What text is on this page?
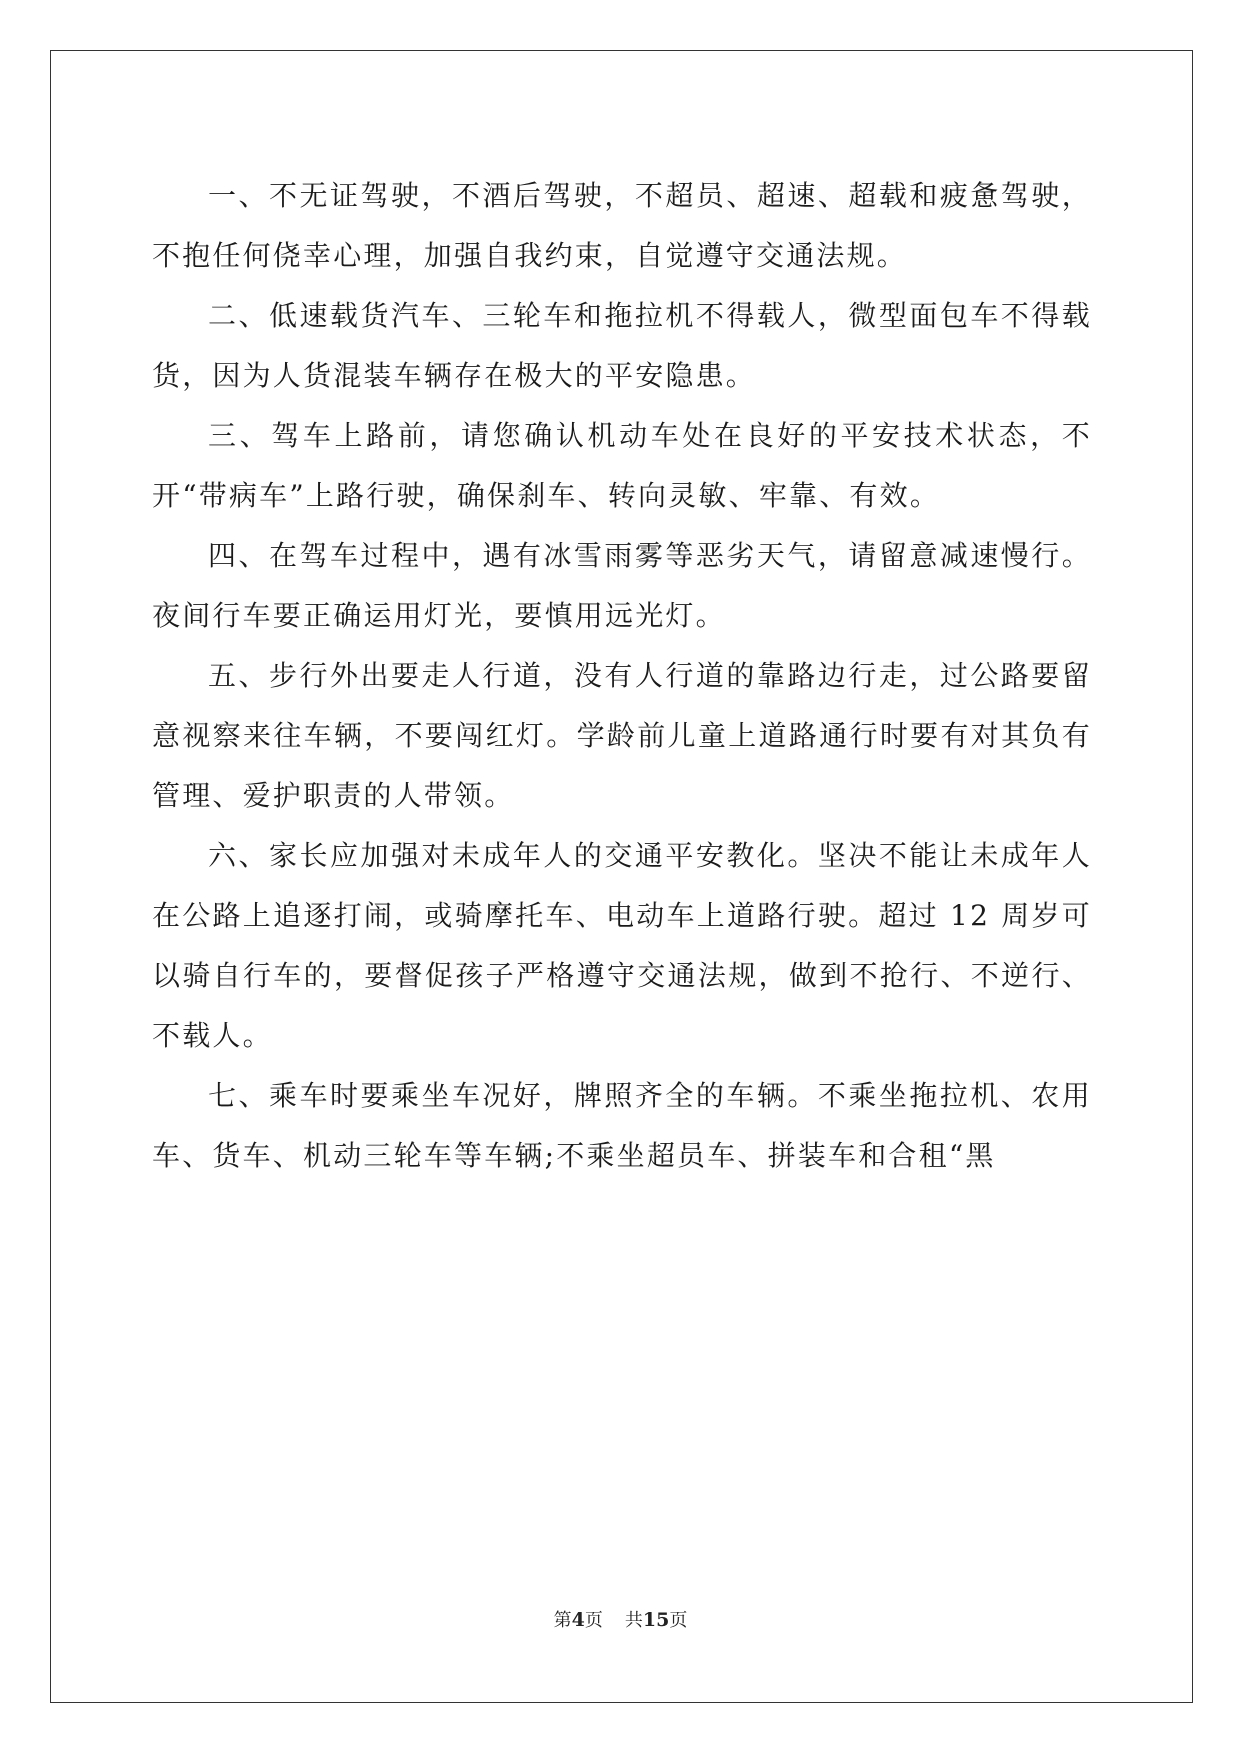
一、不无证驾驶，不酒后驾驶，不超员、超速、超载和疲惫驾驶，不抱任何侥幸心理，加强自我约束，自觉遵守交通法规。

二、低速载货汽车、三轮车和拖拉机不得载人，微型面包车不得载货，因为人货混装车辆存在极大的平安隐患。

三、驾车上路前，请您确认机动车处在良好的平安技术状态，不开“带病车”上路行驶，确保刹车、转向灵敏、牢靠、有效。

四、在驾车过程中，遇有冰雪雨雾等恶劣天气，请留意减速慢行。夜间行车要正确运用灯光，要慎用远光灯。

五、步行外出要走人行道，没有人行道的靠路边行走，过公路要留意视察来往车辆，不要闯红灯。学龄前儿童上道路通行时要有对其负有管理、爱护职责的人带领。

六、家长应加强对未成年人的交通平安教化。坚决不能让未成年人在公路上追逐打闹，或骑摩托车、电动车上道路行驶。超过 12 周岁可以骑自行车的，要督促孩子严格遵守交通法规，做到不抢行、不逆行、不载人。

七、乘车时要乘坐车况好，牌照齐全的车辆。不乘坐拖拉机、农用车、货车、机动三轮车等车辆;不乘坐超员车、拼装车和合租“黑

第4页 共15页
